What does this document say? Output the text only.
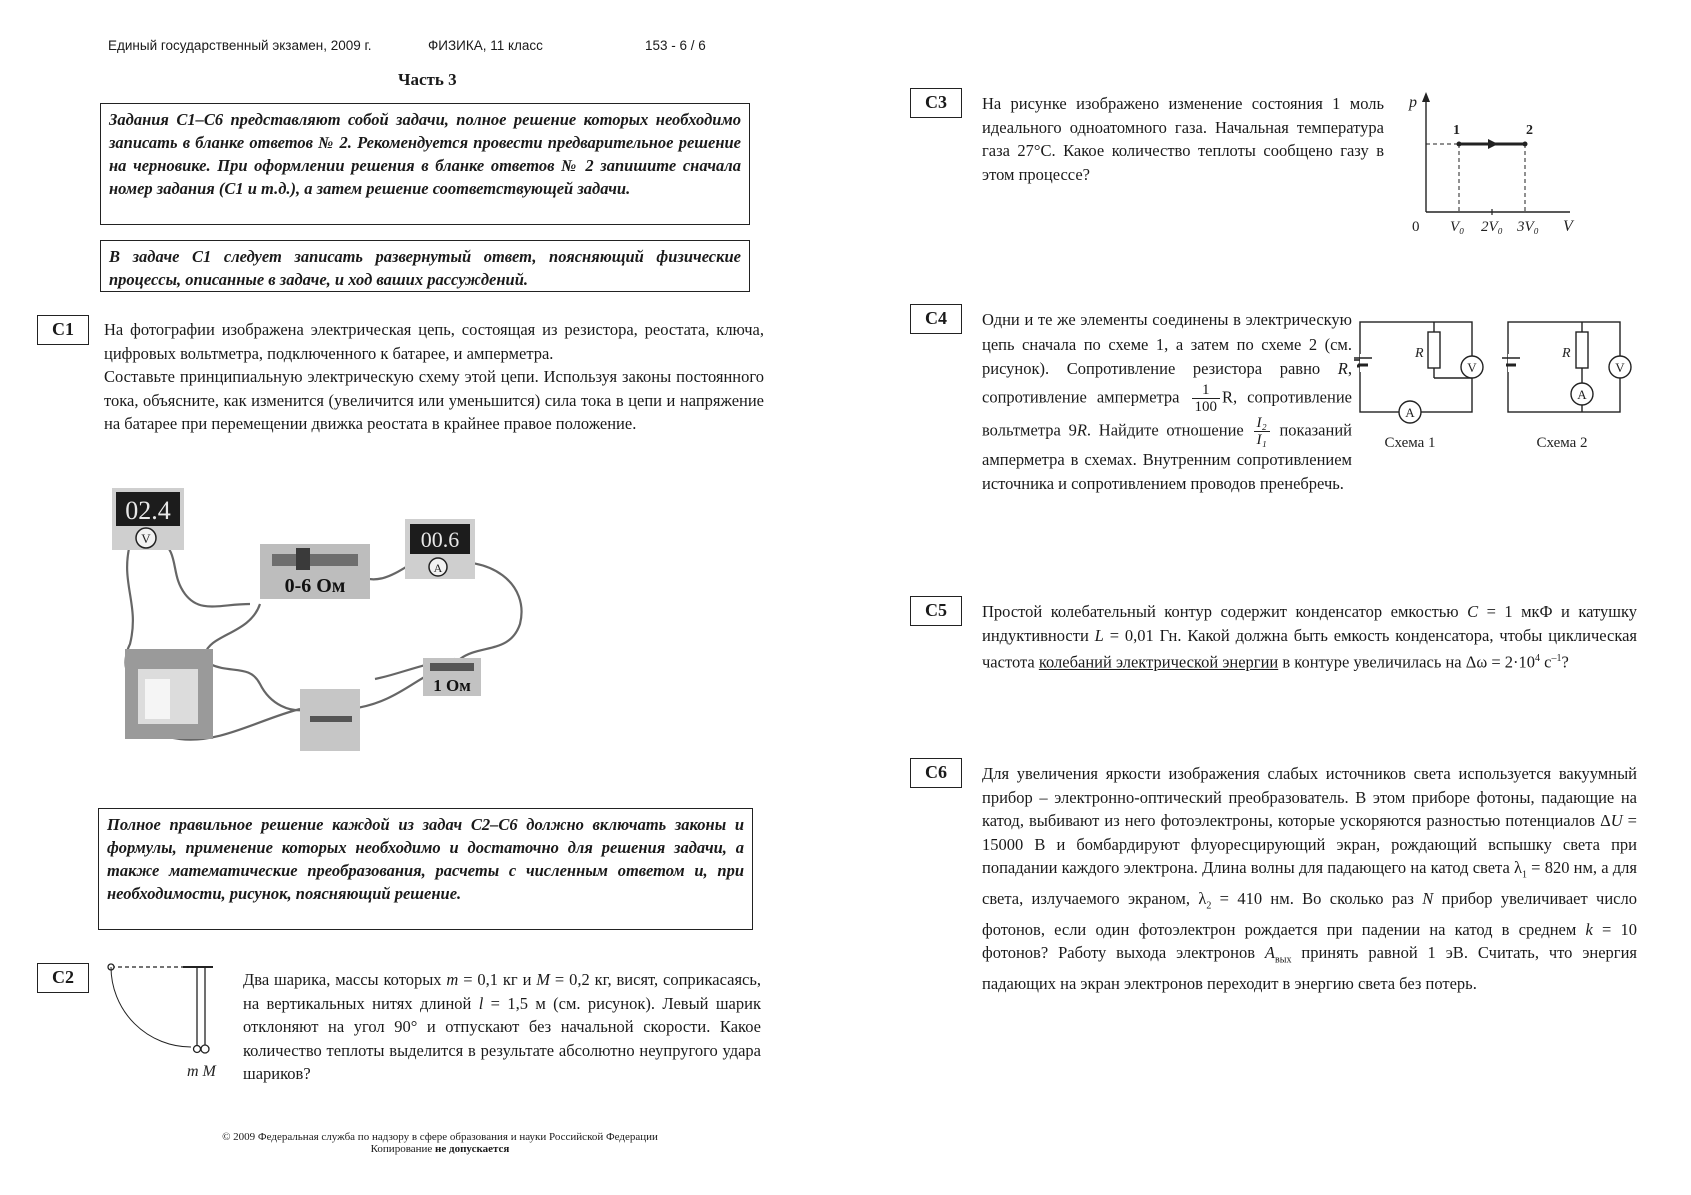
Единый государственный экзамен, 2009 г.	ФИЗИКА, 11 класс	153 - 6 / 6
Часть 3
Задания С1–С6 представляют собой задачи, полное решение которых необходимо записать в бланке ответов № 2. Рекомендуется провести предварительное решение на черновике. При оформлении решения в бланке ответов № 2 запишите сначала номер задания (С1 и т.д.), а затем решение соответствующей задачи.
В задаче С1 следует записать развернутый ответ, поясняющий физические процессы, описанные в задаче, и ход ваших рассуждений.
С1	На фотографии изображена электрическая цепь, состоящая из резистора, реостата, ключа, цифровых вольтметра, подключенного к батарее, и амперметра.

Составьте принципиальную электрическую схему этой цепи. Используя законы постоянного тока, объясните, как изменится (увеличится или уменьшится) сила тока в цепи и напряжение на батарее при перемещении движка реостата в крайнее правое положение.

02.4
V
0-6 Ом
00.6
A
1 Ом
Полное правильное решение каждой из задач С2–С6 должно включать законы и формулы, применение которых необходимо и достаточно для решения задачи, а также математические преобразования, расчеты с численным ответом и, при необходимости, рисунок, поясняющий решение.
С2
m M
Два шарика, массы которых m = 0,1 кг и M = 0,2 кг, висят, соприкасаясь, на вертикальных нитях длиной l = 1,5 м (см. рисунок). Левый шарик отклоняют на угол 90° и отпускают без начальной скорости. Какое количество теплоты выделится в результате абсолютно неупругого удара шариков?
© 2009 Федеральная служба по надзору в сфере образования и науки Российской Федерации
Копирование не допускается
С3	На рисунке изображено изменение состояния 1 моль идеального одноатомного газа. Начальная температура газа 27°С. Какое количество теплоты сообщено газу в этом процессе?
p
V
0
1	2
V₀ 2V₀ 3V₀
С4	Одни и те же элементы соединены в электрическую цепь сначала по схеме 1, а затем по схеме 2 (см. рисунок). Сопротивление резистора равно R, сопротивление амперметра $\frac{1}{100} R$, сопротивление вольтметра 9R. Найдите отношение $\frac{\text{I₂}}{\text{I₁}}$ показаний амперметра в схемах. Внутренним сопротивлением источника и сопротивлением проводов пренебречь.
R
V
A
Схема 1
R
V
A
Схема 2
С5	Простой колебательный контур содержит конденсатор емкостью C = 1 мкФ и катушку индуктивности L = 0,01 Гн. Какой должна быть емкость конденсатора, чтобы циклическая частота колебаний электрической энергии в контуре увеличилась на $\Delta\omega = 2\cdot 10^4$ $с^{-1}$?
С6	Для увеличения яркости изображения слабых источников света используется вакуумный прибор – электронно-оптический преобразователь. В этом приборе фотоны, падающие на катод, выбивают из него фотоэлектроны, которые ускоряются разностью потенциалов ΔU = 15000 В и бомбардируют флуоресцирующий экран, рождающий вспышку света при попадании каждого электрона. Длина волны для падающего на катод света $\lambda_1 = 820$ нм, а для света, излучаемого экраном, $\lambda_2 = 410$ нм. Во сколько раз N прибор увеличивает число фотонов, если один фотоэлектрон рождается при падении на катод в среднем k = 10 фотонов? Работу выхода электронов $A_{вых}$ принять равной 1 эВ. Считать, что энергия падающих на экран электронов переходит в энергию света без потерь.
